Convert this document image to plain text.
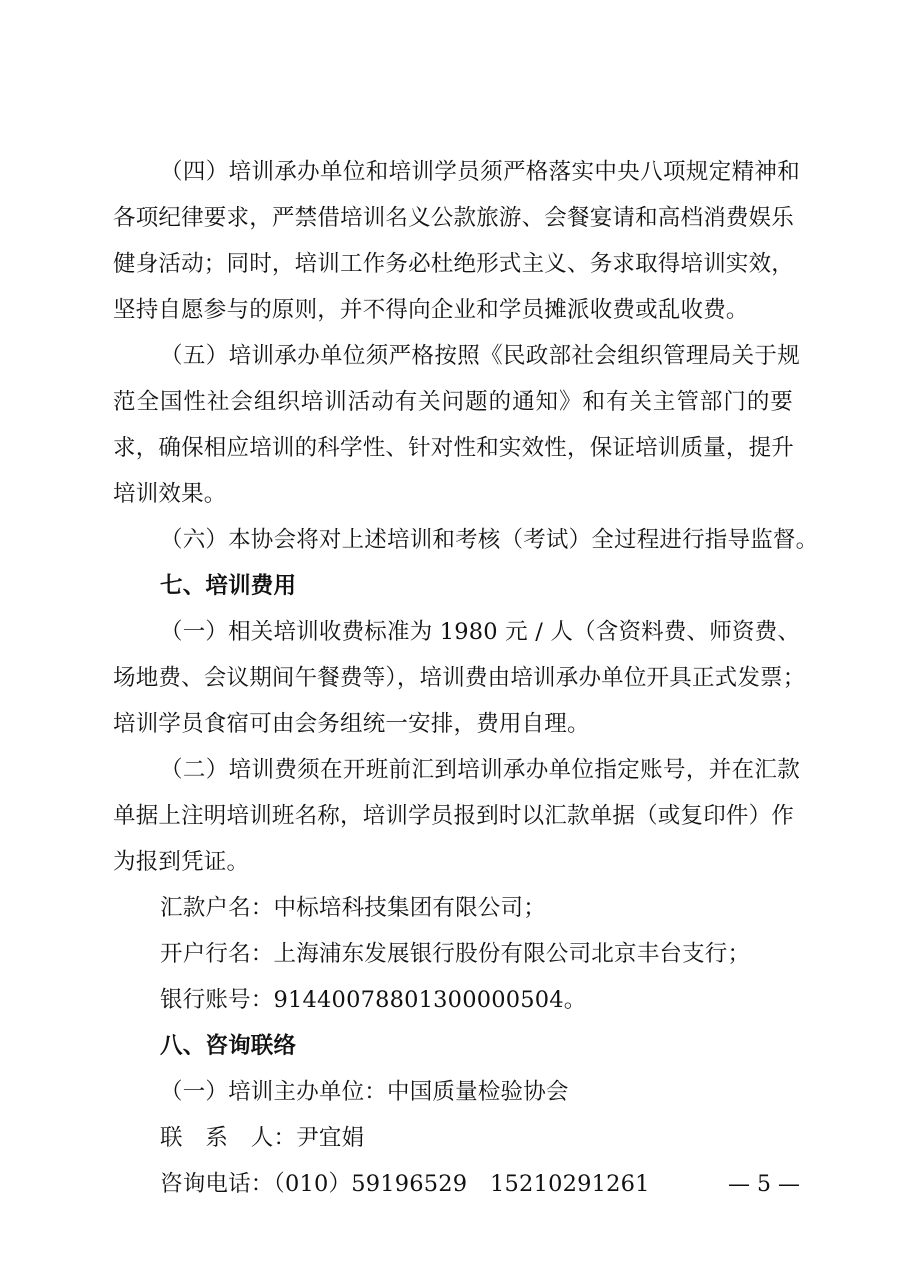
（四）培训承办单位和培训学员须严格落实中央八项规定精神和
各项纪律要求，严禁借培训名义公款旅游、会餐宴请和高档消费娱乐
健身活动；同时，培训工作务必杜绝形式主义、务求取得培训实效，
坚持自愿参与的原则，并不得向企业和学员摊派收费或乱收费。
（五）培训承办单位须严格按照《民政部社会组织管理局关于规
范全国性社会组织培训活动有关问题的通知》和有关主管部门的要
求，确保相应培训的科学性、针对性和实效性，保证培训质量，提升
培训效果。
（六）本协会将对上述培训和考核（考试）全过程进行指导监督。
七、培训费用
（一）相关培训收费标准为 1980 元 / 人（含资料费、师资费、
场地费、会议期间午餐费等），培训费由培训承办单位开具正式发票；
培训学员食宿可由会务组统一安排，费用自理。
（二）培训费须在开班前汇到培训承办单位指定账号，并在汇款
单据上注明培训班名称，培训学员报到时以汇款单据（或复印件）作
为报到凭证。
汇款户名：中标培科技集团有限公司；
开户行名：上海浦东发展银行股份有限公司北京丰台支行；
银行账号：91440078801300000504。
八、咨询联络
（一）培训主办单位：中国质量检验协会
联　系　人：尹宜娟
咨询电话：（010）59196529　15210291261	— 5 —
